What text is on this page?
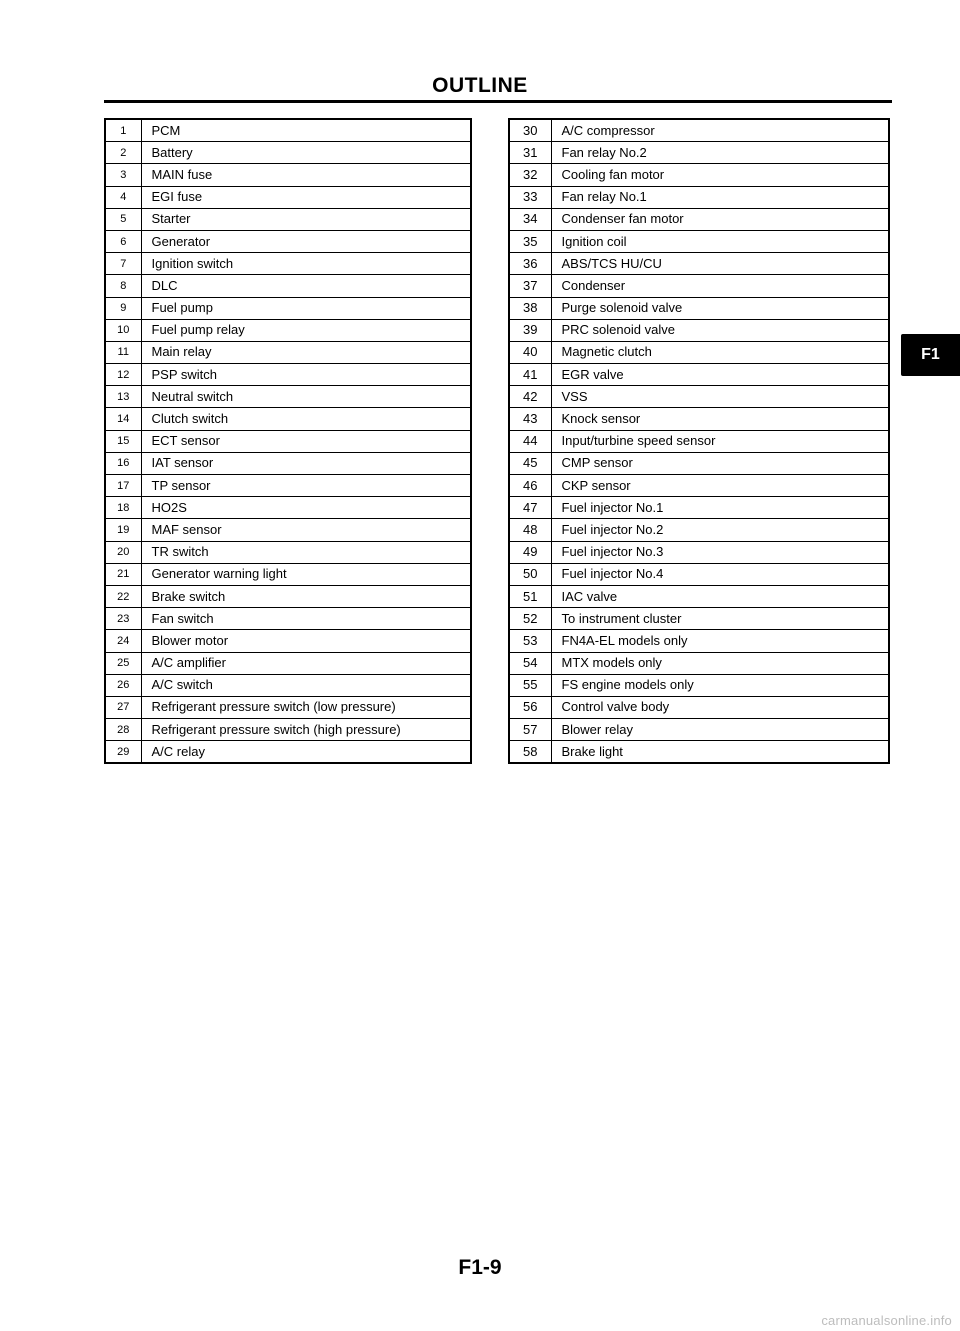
OUTLINE
1	PCM
2	Battery
3	MAIN fuse
4	EGI fuse
5	Starter
6	Generator
7	Ignition switch
8	DLC
9	Fuel pump
10	Fuel pump relay
11	Main relay
12	PSP switch
13	Neutral switch
14	Clutch switch
15	ECT sensor
16	IAT sensor
17	TP sensor
18	HO2S
19	MAF sensor
20	TR switch
21	Generator warning light
22	Brake switch
23	Fan switch
24	Blower motor
25	A/C amplifier
26	A/C switch
27	Refrigerant pressure switch (low pressure)
28	Refrigerant pressure switch (high pressure)
29	A/C relay
30	A/C compressor
31	Fan relay No.2
32	Cooling fan motor
33	Fan relay No.1
34	Condenser fan motor
35	Ignition coil
36	ABS/TCS HU/CU
37	Condenser
38	Purge solenoid valve
39	PRC solenoid valve
40	Magnetic clutch
41	EGR valve
42	VSS
43	Knock sensor
44	Input/turbine speed sensor
45	CMP sensor
46	CKP sensor
47	Fuel injector No.1
48	Fuel injector No.2
49	Fuel injector No.3
50	Fuel injector No.4
51	IAC valve
52	To instrument cluster
53	FN4A-EL models only
54	MTX models only
55	FS engine models only
56	Control valve body
57	Blower relay
58	Brake light
F1
F1-9
carmanualsonline.info
